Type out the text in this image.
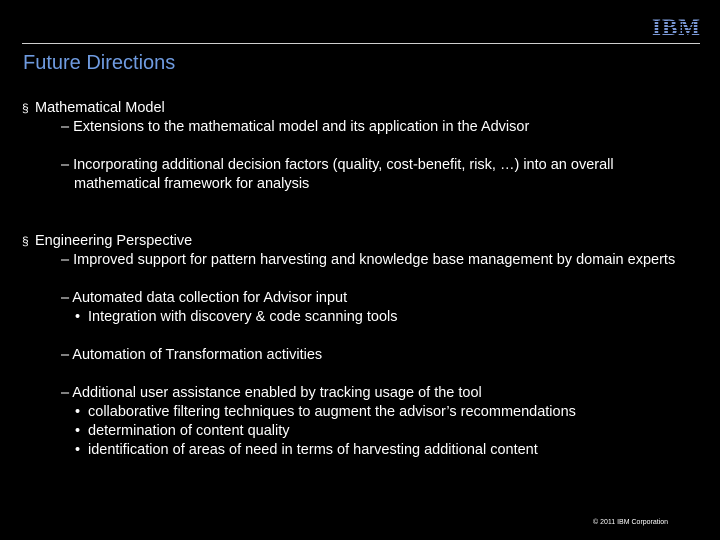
IBM
Future Directions
§ Mathematical Model
– Extensions to the mathematical model and its application in the Advisor
– Incorporating additional decision factors (quality, cost-benefit, risk, …) into an overall mathematical framework for analysis
§ Engineering Perspective
– Improved support for pattern harvesting and knowledge base management by domain experts
– Automated data collection for Advisor input
• Integration with discovery & code scanning tools
– Automation of Transformation activities
– Additional user assistance enabled by tracking usage of the tool
• collaborative filtering techniques to augment the advisor’s recommendations
• determination of content quality
• identification of areas of need in terms of harvesting additional content
© 2011 IBM Corporation
